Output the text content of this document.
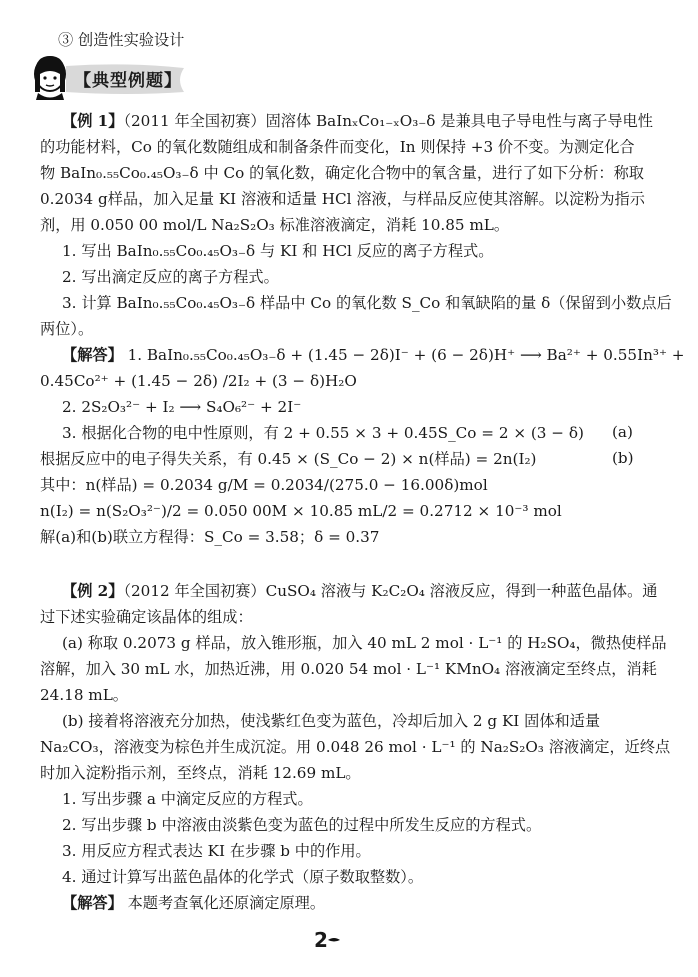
③ 创造性实验设计
【典型例题】
【例 1】（2011 年全国初赛）固溶体 BaInₓCo₁₋ₓO₃₋δ 是兼具电子导电性与离子导电性
的功能材料，Co 的氧化数随组成和制备条件而变化，In 则保持 +3 价不变。为测定化合
物 BaIn₀.₅₅Co₀.₄₅O₃₋δ 中 Co 的氧化数，确定化合物中的氧含量，进行了如下分析：称取
0.2034 g样品，加入足量 KI 溶液和适量 HCl 溶液，与样品反应使其溶解。以淀粉为指示
剂，用 0.050 00 mol/L Na₂S₂O₃ 标准溶液滴定，消耗 10.85 mL。
1. 写出 BaIn₀.₅₅Co₀.₄₅O₃₋δ 与 KI 和 HCl 反应的离子方程式。
2. 写出滴定反应的离子方程式。
3. 计算 BaIn₀.₅₅Co₀.₄₅O₃₋δ 样品中 Co 的氧化数 S_Co 和氧缺陷的量 δ（保留到小数点后
两位）。
【解答】 1. BaIn₀.₅₅Co₀.₄₅O₃₋δ + (1.45 − 2δ)I⁻ + (6 − 2δ)H⁺ ⟶ Ba²⁺ + 0.55In³⁺ +
0.45Co²⁺ + (1.45 − 2δ) /2I₂ + (3 − δ)H₂O
2. 2S₂O₃²⁻ + I₂ ⟶ S₄O₆²⁻ + 2I⁻
3. 根据化合物的电中性原则，有 2 + 0.55 × 3 + 0.45S_Co = 2 × (3 − δ) (a)
根据反应中的电子得失关系，有 0.45 × (S_Co − 2) × n(样品) = 2n(I₂)	(b)
其中：n(样品) = 0.2034 g/M = 0.2034/(275.0 − 16.00δ)mol
n(I₂) = n(S₂O₃²⁻)/2 = 0.050 00M × 10.85 mL/2 = 0.2712 × 10⁻³ mol
解(a)和(b)联立方程得：S_Co = 3.58；δ = 0.37
【例 2】（2012 年全国初赛）CuSO₄ 溶液与 K₂C₂O₄ 溶液反应，得到一种蓝色晶体。通
过下述实验确定该晶体的组成：
(a) 称取 0.2073 g 样品，放入锥形瓶，加入 40 mL 2 mol · L⁻¹ 的 H₂SO₄，微热使样品
溶解，加入 30 mL 水，加热近沸，用 0.020 54 mol · L⁻¹ KMnO₄ 溶液滴定至终点，消耗
24.18 mL。
(b) 接着将溶液充分加热，使浅紫红色变为蓝色，冷却后加入 2 g KI 固体和适量
Na₂CO₃，溶液变为棕色并生成沉淀。用 0.048 26 mol · L⁻¹ 的 Na₂S₂O₃ 溶液滴定，近终点
时加入淀粉指示剂，至终点，消耗 12.69 mL。
1. 写出步骤 a 中滴定反应的方程式。
2. 写出步骤 b 中溶液由淡紫色变为蓝色的过程中所发生反应的方程式。
3. 用反应方程式表达 KI 在步骤 b 中的作用。
4. 通过计算写出蓝色晶体的化学式（原子数取整数）。
【解答】 本题考查氧化还原滴定原理。
2
